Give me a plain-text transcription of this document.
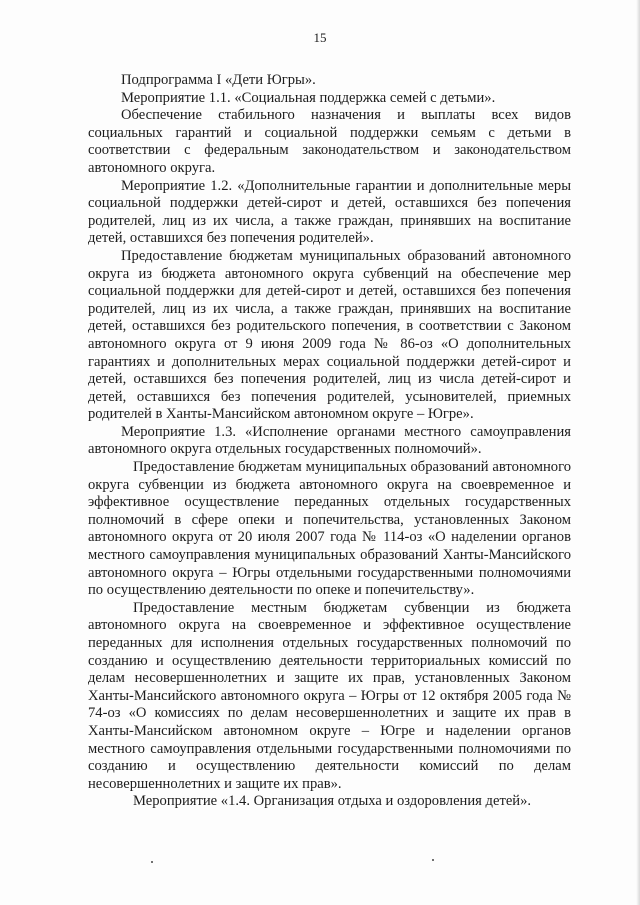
15

Подпрограмма I «Дети Югры».

Мероприятие 1.1. «Социальная поддержка семей с детьми».

Обеспечение стабильного назначения и выплаты всех видов социальных гарантий и социальной поддержки семьям с детьми в соответствии с федеральным законодательством и законодательством автономного округа.

Мероприятие 1.2. «Дополнительные гарантии и дополнительные меры социальной поддержки детей-сирот и детей, оставшихся без попечения родителей, лиц из их числа, а также граждан, принявших на воспитание детей, оставшихся без попечения родителей».

Предоставление бюджетам муниципальных образований автономного округа из бюджета автономного округа субвенций на обеспечение мер социальной поддержки для детей-сирот и детей, оставшихся без попечения родителей, лиц из их числа, а также граждан, принявших на воспитание детей, оставшихся без родительского попечения, в соответствии с Законом автономного округа от 9 июня 2009 года № 86-оз «О дополнительных гарантиях и дополнительных мерах социальной поддержки детей-сирот и детей, оставшихся без попечения родителей, лиц из числа детей-сирот и детей, оставшихся без попечения родителей, усыновителей, приемных родителей в Ханты-Мансийском автономном округе – Югре».

Мероприятие 1.3. «Исполнение органами местного самоуправления автономного округа отдельных государственных полномочий».

Предоставление бюджетам муниципальных образований автономного округа субвенции из бюджета автономного округа на своевременное и эффективное осуществление переданных отдельных государственных полномочий в сфере опеки и попечительства, установленных Законом автономного округа от 20 июля 2007 года № 114-оз «О наделении органов местного самоуправления муниципальных образований Ханты-Мансийского автономного округа – Югры отдельными государственными полномочиями по осуществлению деятельности по опеке и попечительству».

Предоставление местным бюджетам субвенции из бюджета автономного округа на своевременное и эффективное осуществление переданных для исполнения отдельных государственных полномочий по созданию и осуществлению деятельности территориальных комиссий по делам несовершеннолетних и защите их прав, установленных Законом Ханты-Мансийского автономного округа – Югры от 12 октября 2005 года № 74-оз «О комиссиях по делам несовершеннолетних и защите их прав в Ханты-Мансийском автономном округе – Югре и наделении органов местного самоуправления отдельными государственными полномочиями по созданию и осуществлению деятельности комиссий по делам несовершеннолетних и защите их прав».

Мероприятие «1.4. Организация отдыха и оздоровления детей».
